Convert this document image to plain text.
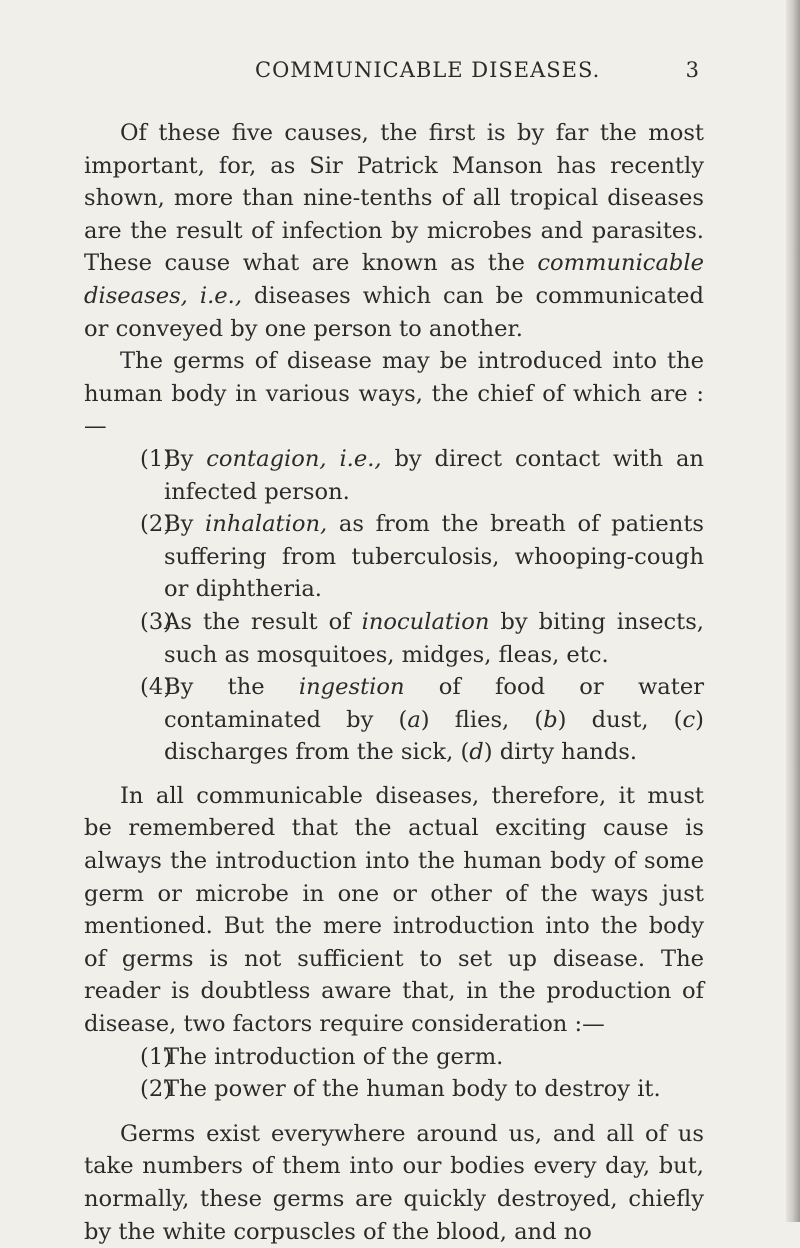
COMMUNICABLE DISEASES.	3

Of these five causes, the first is by far the most important, for, as Sir Patrick Manson has recently shown, more than nine-tenths of all tropical diseases are the result of infection by microbes and parasites. These cause what are known as the communicable diseases, i.e., diseases which can be communicated or conveyed by one person to another.

The germs of disease may be introduced into the human body in various ways, the chief of which are :—

(1)
By contagion, i.e., by direct contact with an infected person.
(2)
By inhalation, as from the breath of patients suffering from tuberculosis, whooping-cough or diphtheria.
(3)
As the result of inoculation by biting insects, such as mosquitoes, midges, fleas, etc.
(4)
By the ingestion of food or water contaminated by (a) flies, (b) dust, (c) discharges from the sick, (d) dirty hands.

In all communicable diseases, therefore, it must be remembered that the actual exciting cause is always the introduction into the human body of some germ or microbe in one or other of the ways just mentioned. But the mere introduction into the body of germs is not sufficient to set up disease. The reader is doubtless aware that, in the production of disease, two factors require consideration :—

(1)
The introduction of the germ.
(2)
The power of the human body to destroy it.

Germs exist everywhere around us, and all of us take numbers of them into our bodies every day, but, normally, these germs are quickly destroyed, chiefly by the white corpuscles of the blood, and no
